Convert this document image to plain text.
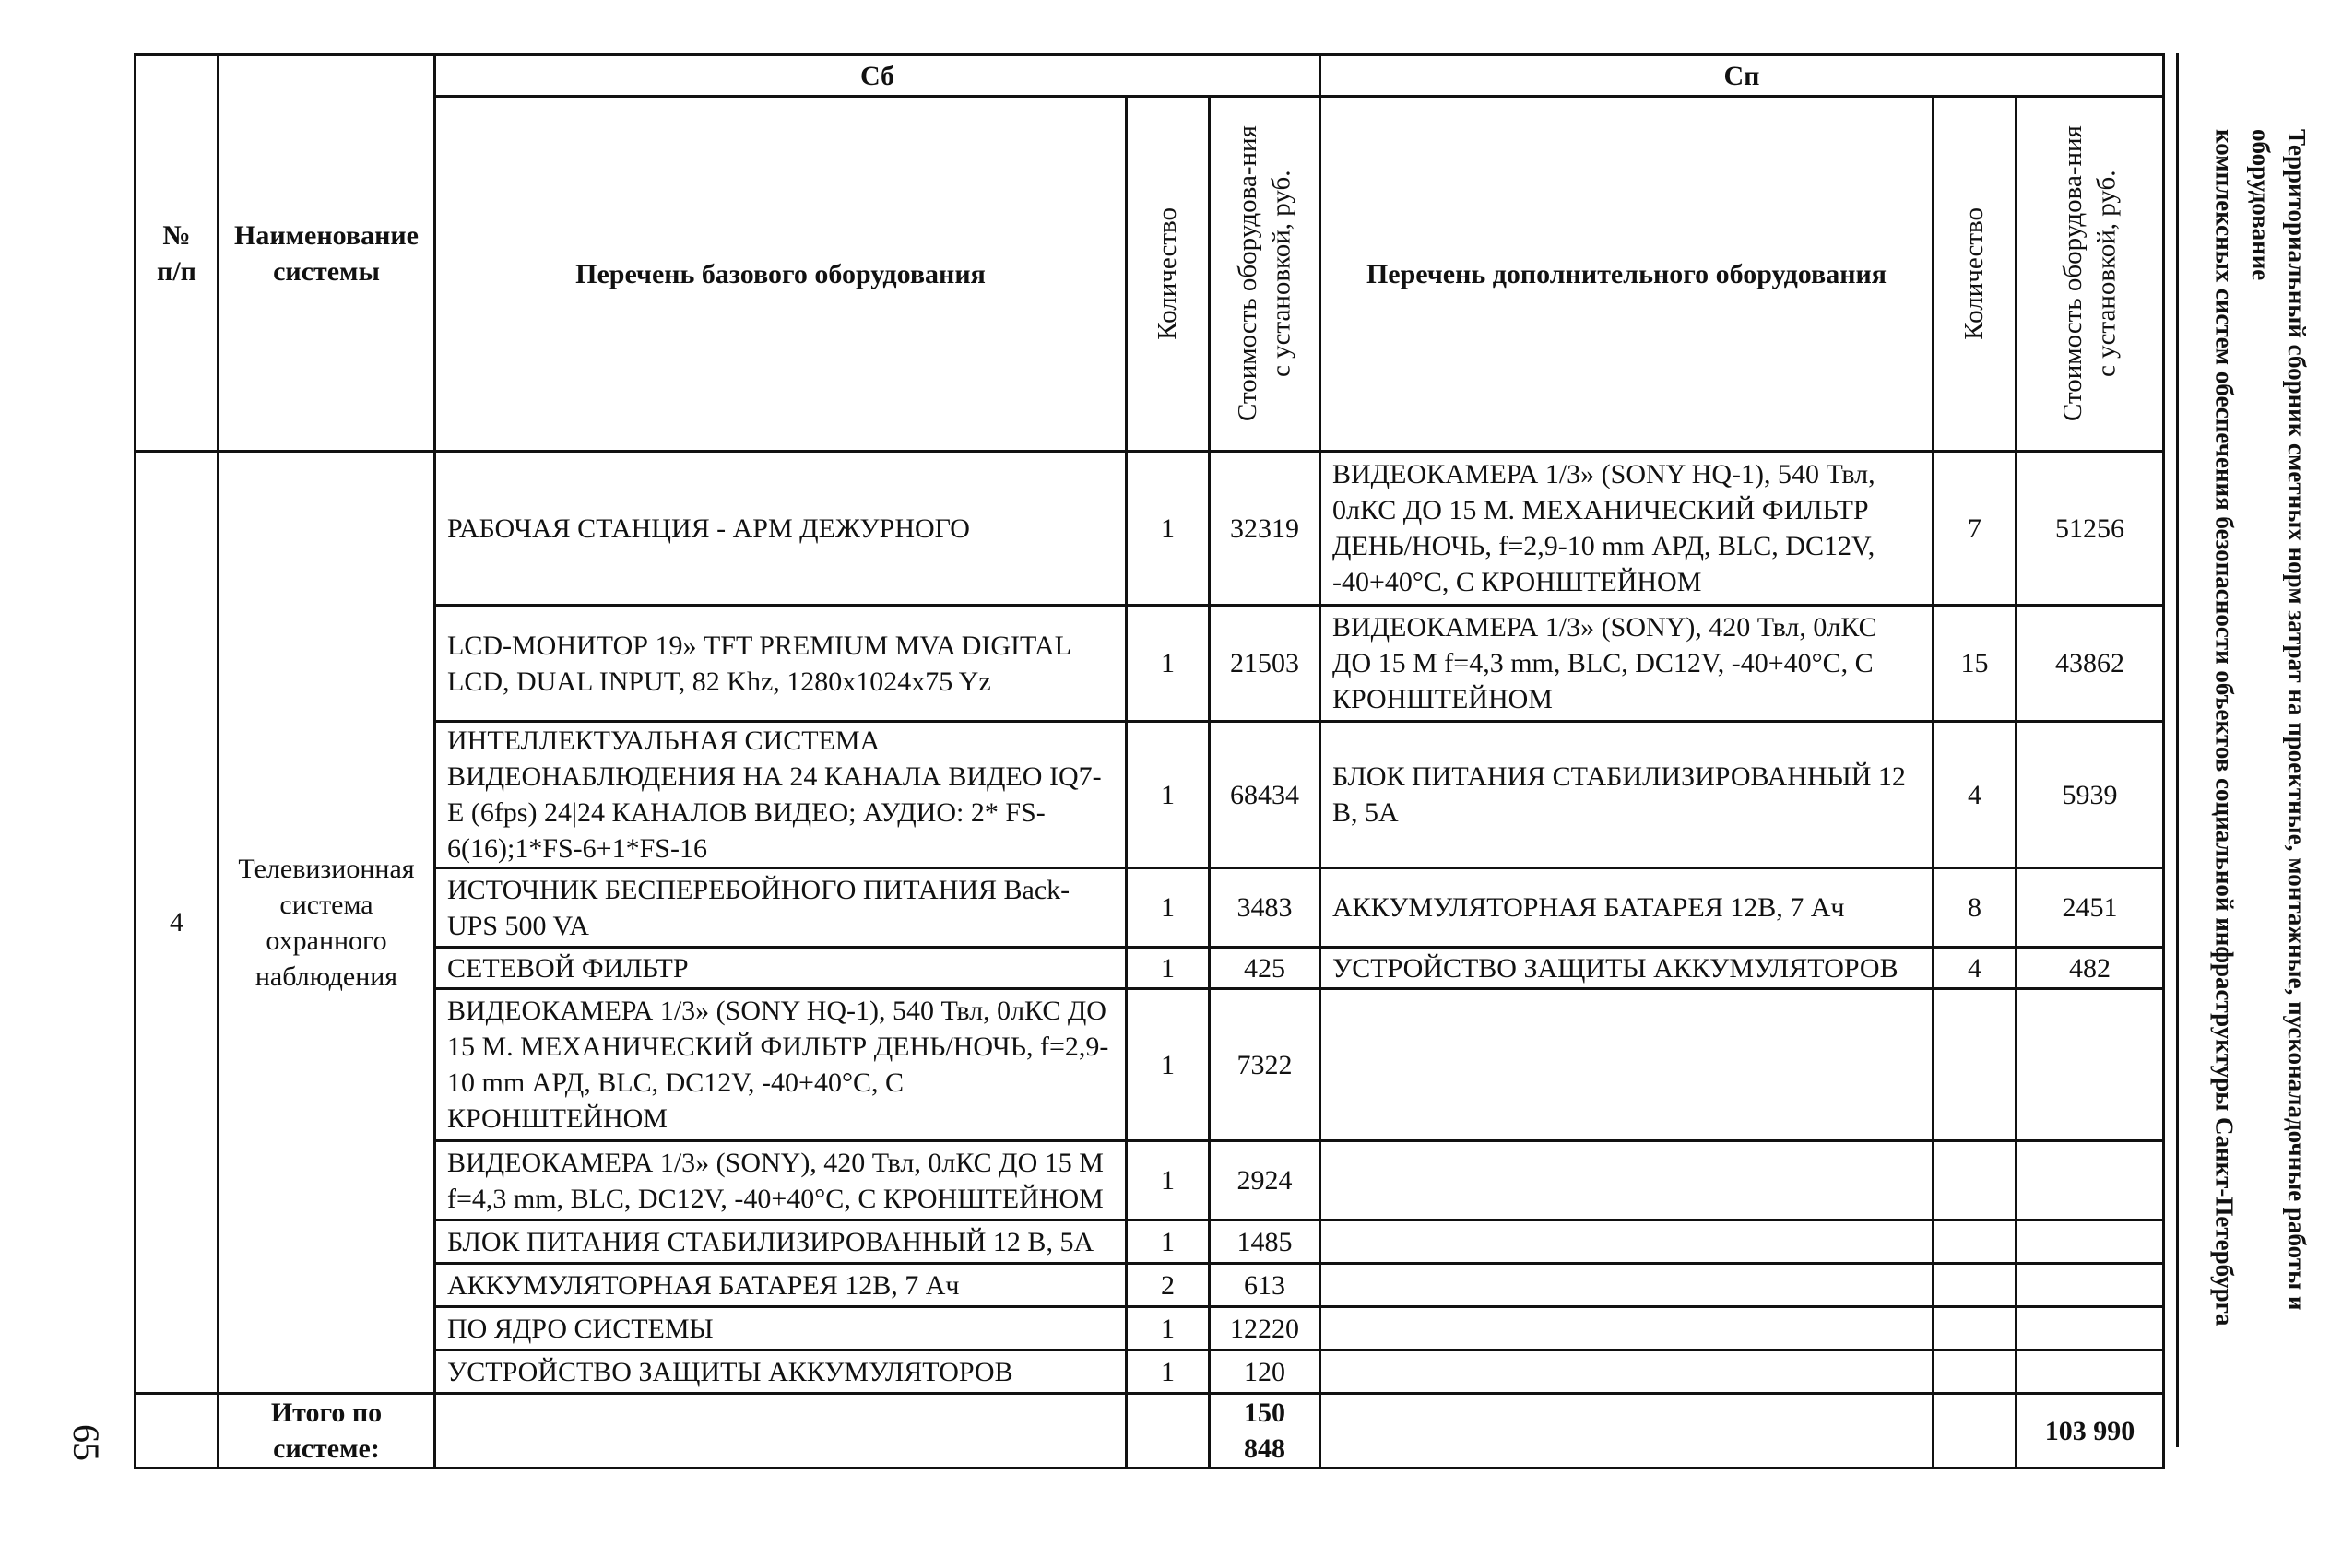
Территориальный сборник сметных норм затрат на проектные, монтажные, пусконаладочные работы и оборудование
комплексных систем обеспечения безопасности объектов социальной инфраструктуры Санкт-Петербурга
65
№ п/п	Наименование системы	Сб			Сп		
		Перечень базового оборудования	Количество	Стоимость оборудова-ния с установкой, руб.	Перечень дополнительного оборудования	Количество	Стоимость оборудова-ния с установкой, руб.

4	Телевизионная система охранного наблюдения	РАБОЧАЯ СТАНЦИЯ - АРМ ДЕЖУРНОГО	1	32319	ВИДЕОКАМЕРА 1/3» (SONY HQ-1), 540 Твл, 0лКС ДО 15 М. МЕХАНИЧЕСКИЙ ФИЛЬТР ДЕНЬ/НОЧЬ, f=2,9-10 mm АРД, BLC, DC12V, -40+40°С, С КРОНШТЕЙНОМ	7	51256
		LCD-МОНИТОР 19» TFT PREMIUM MVA DIGITAL LCD, DUAL INPUT, 82 Khz, 1280x1024x75 Yz	1	21503	ВИДЕОКАМЕРА 1/3» (SONY), 420 Твл, 0лКС ДО 15 М f=4,3 mm, BLC, DC12V, -40+40°С, С КРОНШТЕЙНОМ	15	43862
		ИНТЕЛЛЕКТУАЛЬНАЯ СИСТЕМА ВИДЕОНАБЛЮДЕНИЯ НА 24 КАНАЛА ВИДЕО IQ7-Е (6fps) 24|24 КАНАЛОВ ВИДЕО; АУДИО: 2* FS-6(16);1*FS-6+1*FS-16	1	68434	БЛОК ПИТАНИЯ СТАБИЛИЗИРОВАННЫЙ 12 В, 5А	4	5939
		ИСТОЧНИК БЕСПЕРЕБОЙНОГО ПИТАНИЯ Back-UPS 500 VA	1	3483	АККУМУЛЯТОРНАЯ БАТАРЕЯ 12В, 7 Ач	8	2451
		СЕТЕВОЙ ФИЛЬТР	1	425	УСТРОЙСТВО ЗАЩИТЫ АККУМУЛЯТОРОВ	4	482
		ВИДЕОКАМЕРА 1/3» (SONY HQ-1), 540 Твл, 0лКС ДО 15 М. МЕХАНИЧЕСКИЙ ФИЛЬТР ДЕНЬ/НОЧЬ, f=2,9-10 mm АРД, BLC, DC12V, -40+40°С, С КРОНШТЕЙНОМ	1	7322			
		ВИДЕОКАМЕРА 1/3» (SONY), 420 Твл, 0лКС ДО 15 М f=4,3 mm, BLC, DC12V, -40+40°С, С КРОНШТЕЙНОМ	1	2924			
		БЛОК ПИТАНИЯ СТАБИЛИЗИРОВАННЫЙ 12 В, 5А	1	1485			
		АККУМУЛЯТОРНАЯ БАТАРЕЯ 12В, 7 Ач	2	613			
		ПО ЯДРО СИСТЕМЫ	1	12220			
		УСТРОЙСТВО ЗАЩИТЫ АККУМУЛЯТОРОВ	1	120			
	Итого по системе:			150 848			103 990
